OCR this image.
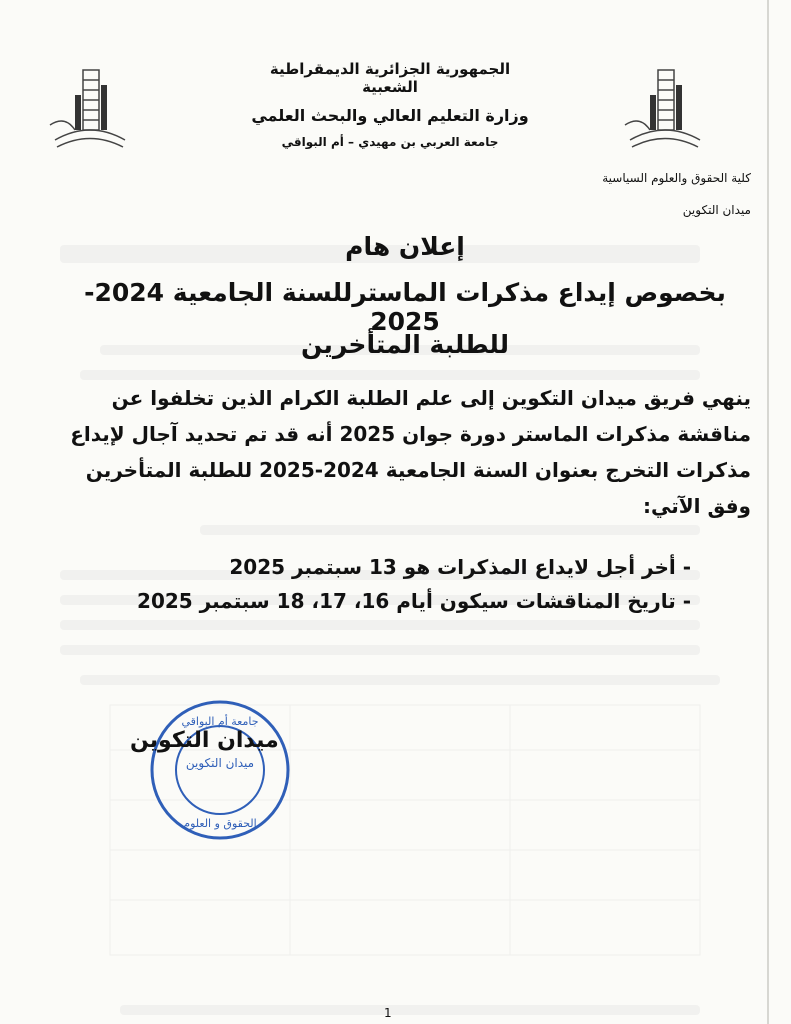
الجمهورية الجزائرية الديمقراطية الشعبية
وزارة التعليم العالي والبحث العلمي
جامعة العربي بن مهيدي – أم البواقي
كلية الحقوق والعلوم السياسية
ميدان التكوين
إعلان هام
بخصوص إيداع مذكرات الماسترللسنة الجامعية 2024-2025
للطلبة المتأخرين

ينهي فريق ميدان التكوين إلى علم الطلبة الكرام الذين تخلفوا عن مناقشة مذكرات الماستر دورة جوان 2025 أنه قد تم تحديد آجال لإيداع مذكرات التخرج بعنوان السنة الجامعية 2024-2025 للطلبة المتأخرين وفق الآتي:

- أخر أجل لايداع المذكرات هو 13 سبتمبر 2025
- تاريخ المناقشات سيكون أيام 16، 17، 18 سبتمبر 2025
جامعة أم البواقي
ميدان التكوين
الحقوق و العلوم
ميدان التكوين
1
